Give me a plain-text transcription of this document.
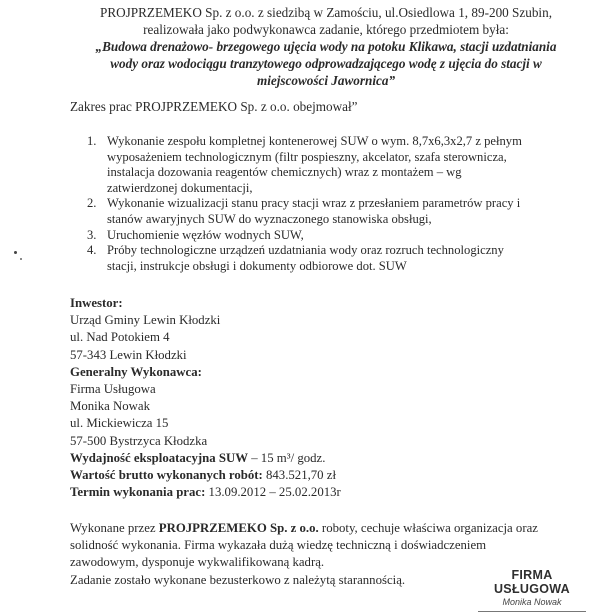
PROJPRZEMEKO Sp. z o.o. z siedzibą w Zamościu, ul.Osiedlowa 1, 89-200 Szubin,
realizowała jako podwykonawca zadanie, którego przedmiotem była:
„Budowa drenażowo- brzegowego ujęcia wody na potoku Klikawa, stacji uzdatniania
wody oraz wodociągu tranzytowego odprowadzającego wodę z ujęcia do stacji w
miejscowości Jawornica”
Zakres prac PROJPRZEMEKO Sp. z o.o. obejmował”
1. Wykonanie zespołu kompletnej kontenerowej SUW o wym. 8,7x6,3x2,7 z pełnym
wyposażeniem technologicznym (filtr pospieszny, akcelator, szafa sterownicza,
instalacja dozowania reagentów chemicznych) wraz z montażem – wg
zatwierdzonej dokumentacji,
2. Wykonanie wizualizacji stanu pracy stacji wraz z przesłaniem parametrów pracy i
stanów awaryjnych SUW do wyznaczonego stanowiska obsługi,
3. Uruchomienie węzłów wodnych SUW,
4. Próby technologiczne urządzeń uzdatniania wody oraz rozruch technologiczny
stacji, instrukcje obsługi i dokumenty odbiorowe dot. SUW
Inwestor:
Urząd Gminy Lewin Kłodzki
ul. Nad Potokiem 4
57-343 Lewin Kłodzki
Generalny Wykonawca:
Firma Usługowa
Monika Nowak
ul. Mickiewicza 15
57-500 Bystrzyca Kłodzka
Wydajność eksploatacyjna SUW – 15 m³/ godz.
Wartość brutto wykonanych robót: 843.521,70 zł
Termin wykonania prac: 13.09.2012 – 25.02.2013r
Wykonane przez PROJPRZEMEKO Sp. z o.o. roboty, cechuje właściwa organizacja oraz
solidność wykonania. Firma wykazała dużą wiedzę techniczną i doświadczeniem
zawodowym, dysponuje wykwalifikowaną kadrą.
Zadanie zostało wykonane bezusterkowo z należytą starannością.	FIRMA USŁUGOWA
Monika Nowak
